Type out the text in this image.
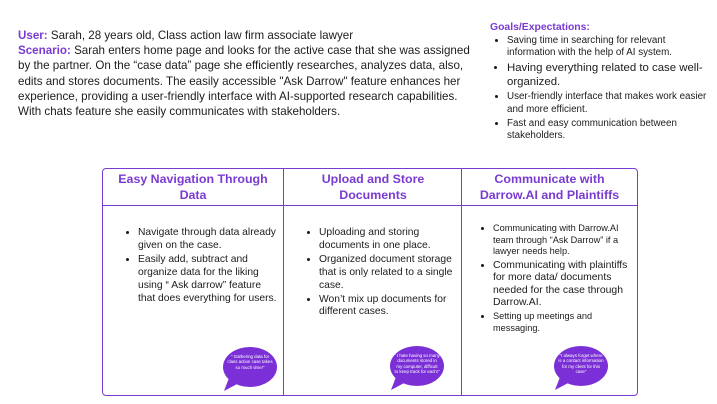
User: Sarah, 28 years old, Class action law firm associate lawyer
Scenario: Sarah enters home page and looks for the active case that she was assigned by the partner. On the “case data” page she efficiently researches, analyzes data, also, edits and stores documents. The easily accessible "Ask Darrow" feature enhances her experience, providing a user-friendly interface with AI-supported research capabilities. With chats feature she easily communicates with stakeholders.
Goals/Expectations:
• Saving time in searching for relevant information with the help of AI system.
• Having everything related to case well- organized.
• User-friendly interface that makes work easier and more efficient.
• Fast and easy communication between stakeholders.
Easy Navigation Through Data
• Navigate through data already given on the case.
• Easily add, subtract and organize data for the liking using “ Ask darrow” feature that does everything for users.
" Gathering data for class action case takes so much time!"
Upload and Store Documents
• Uploading and storing documents in one place.
• Organized document storage that is only related to a single case.
• Won’t mix up documents for different cases.
" I hate having so many documents stored in my computer, difficult to keep track for each!"
Communicate with Darrow.AI and Plaintiffs
• Communicating with Darrow.AI team through “Ask Darrow” if a lawyer needs help.
• Communicating with plaintiffs for more data/ documents needed for the case through Darrow.AI.
• Setting up meetings and messaging.
"I always forget where is a contact information for my client for this case"
